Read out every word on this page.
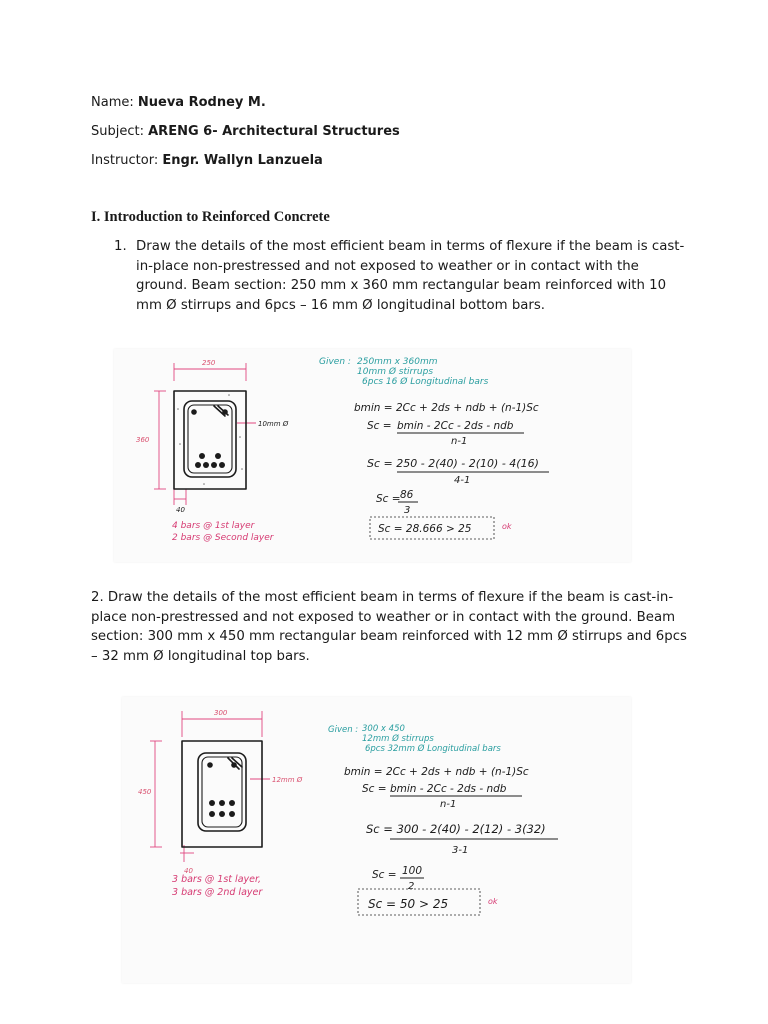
Name: Nueva Rodney M.
Subject: ARENG 6- Architectural Structures
Instructor: Engr. Wallyn Lanzuela
I. Introduction to Reinforced Concrete
1. Draw the details of the most efficient beam in terms of flexure if the beam is cast-in-place non-prestressed and not exposed to weather or in contact with the ground. Beam section: 250 mm x 360 mm rectangular beam reinforced with 10 mm Ø stirrups and 6pcs – 16 mm Ø longitudinal bottom bars.
250
360
40
10mm Ø
Given : 250mm x 360mm
10mm Ø stirrups
6pcs 16 Ø Longitudinal bars
bmin = 2Cc + 2ds + ndb + (n-1)Sc
Sc = bmin - 2Cc - 2ds - ndb
n-1
Sc = 250 - 2(40) - 2(10) - 4(16)
4-1
Sc = 86
3
Sc = 28.666 > 25	ok
4 bars @ 1st layer
2 bars @ Second layer
2. Draw the details of the most efficient beam in terms of flexure if the beam is cast-in-place non-prestressed and not exposed to weather or in contact with the ground. Beam section: 300 mm x 450 mm rectangular beam reinforced with 12 mm Ø stirrups and 6pcs – 32 mm Ø longitudinal top bars.
300
450
40
12mm Ø
Given : 300 x 450
12mm Ø stirrups
6pcs 32mm Ø Longitudinal bars
bmin = 2Cc + 2ds + ndb + (n-1)Sc
Sc = bmin - 2Cc - 2ds - ndb
n-1
Sc = 300 - 2(40) - 2(12) - 3(32)
3-1
Sc = 100
2
Sc = 50 > 25	ok
3 bars @ 1st layer,
3 bars @ 2nd layer
